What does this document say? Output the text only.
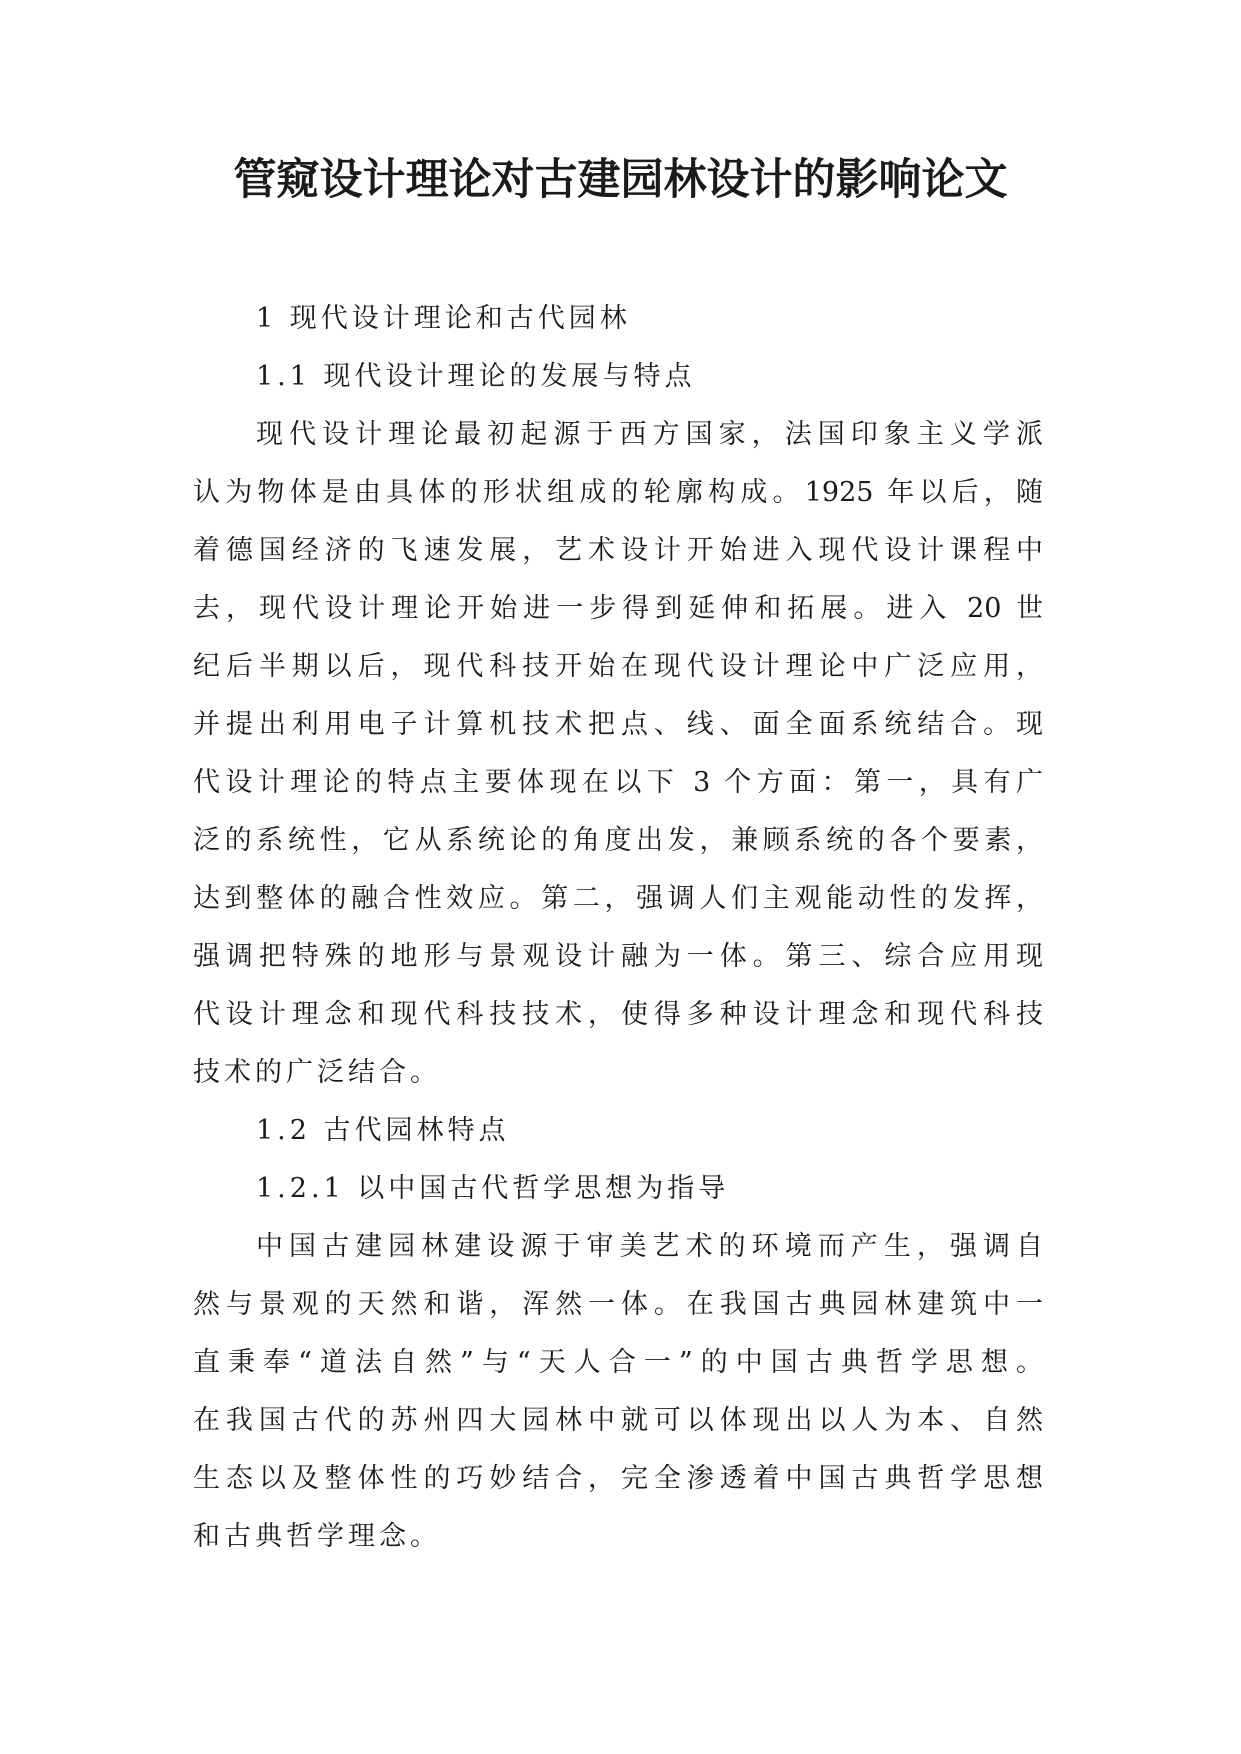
管窥设计理论对古建园林设计的影响论文
1 现代设计理论和古代园林
1.1 现代设计理论的发展与特点
现代设计理论最初起源于西方国家，法国印象主义学派
认为物体是由具体的形状组成的轮廓构成。1925 年以后，随
着德国经济的飞速发展，艺术设计开始进入现代设计课程中
去，现代设计理论开始进一步得到延伸和拓展。进入 20 世
纪后半期以后，现代科技开始在现代设计理论中广泛应用，
并提出利用电子计算机技术把点、线、面全面系统结合。现
代设计理论的特点主要体现在以下 3 个方面：第一，具有广
泛的系统性，它从系统论的角度出发，兼顾系统的各个要素，
达到整体的融合性效应。第二，强调人们主观能动性的发挥，
强调把特殊的地形与景观设计融为一体。第三、综合应用现
代设计理念和现代科技技术，使得多种设计理念和现代科技
技术的广泛结合。
1.2 古代园林特点
1.2.1 以中国古代哲学思想为指导
中国古建园林建设源于审美艺术的环境而产生，强调自
然与景观的天然和谐，浑然一体。在我国古典园林建筑中一
直秉奉“道法自然”与“天人合一”的中国古典哲学思想。
在我国古代的苏州四大园林中就可以体现出以人为本、自然
生态以及整体性的巧妙结合，完全渗透着中国古典哲学思想
和古典哲学理念。
